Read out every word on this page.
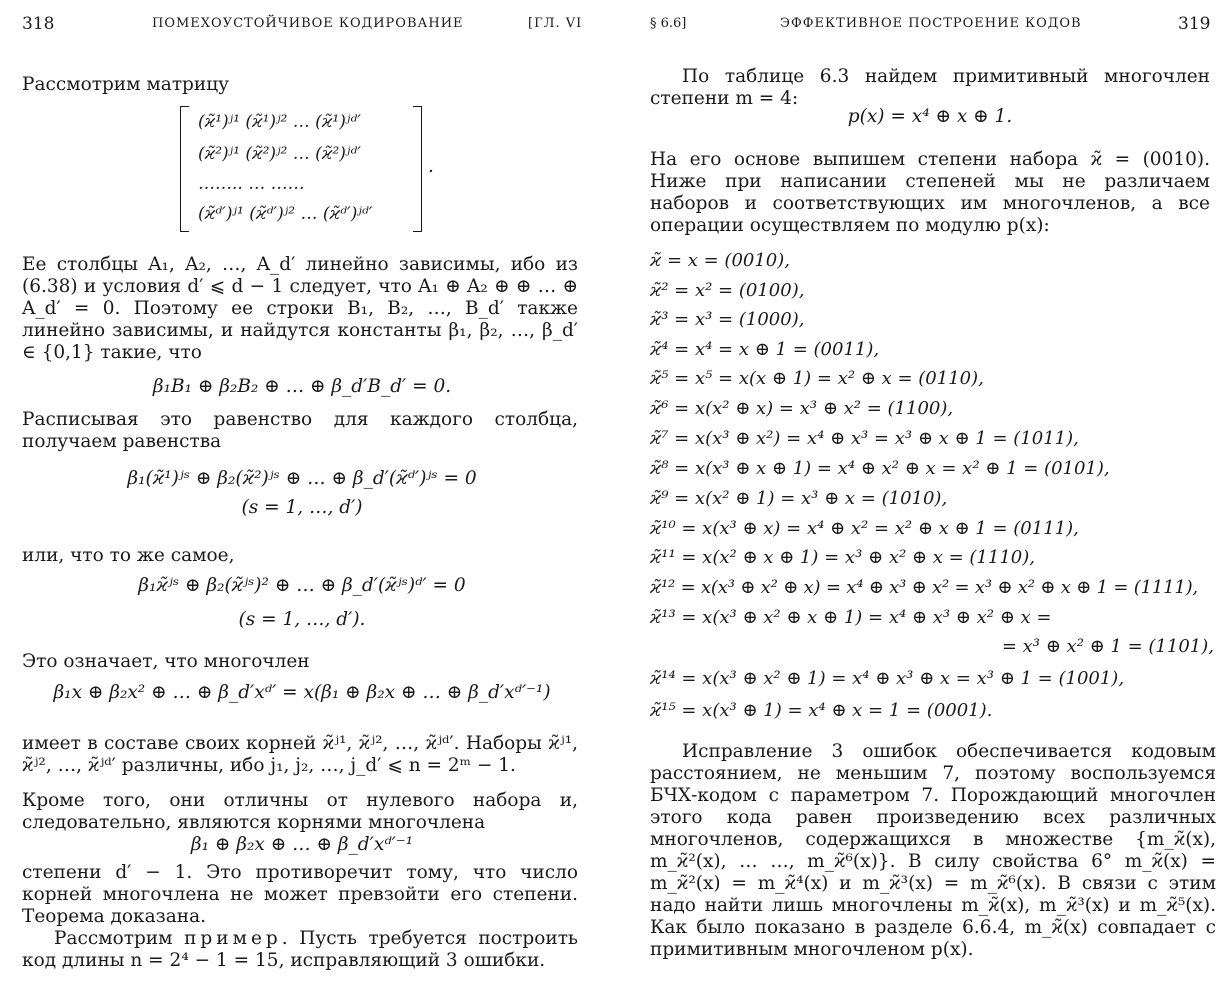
318	ПОМЕХОУСТОЙЧИВОЕ КОДИРОВАНИЕ	[ГЛ. VI
Рассмотрим матрицу
(ϰ̃¹)ʲ¹ (ϰ̃¹)ʲ² … (ϰ̃¹)ʲᵈ′
(ϰ̃²)ʲ¹ (ϰ̃²)ʲ² … (ϰ̃²)ʲᵈ′
…….. … ……
(ϰ̃ᵈ′)ʲ¹ (ϰ̃ᵈ′)ʲ² … (ϰ̃ᵈ′)ʲᵈ′
.
Ее столбцы A₁, A₂, …, A_d′ линейно зависимы, ибо из (6.38) и условия d′ ⩽ d − 1 следует, что A₁ ⊕ A₂ ⊕ ⊕ … ⊕ A_d′ = 0. Поэтому ее строки B₁, B₂, …, B_d′ также линейно зависимы, и найдутся константы β₁, β₂, …, β_d′ ∈ {0,1} такие, что
β₁B₁ ⊕ β₂B₂ ⊕ … ⊕ β_d′B_d′ = 0.
Расписывая это равенство для каждого столбца, получаем равенства
β₁(ϰ̃¹)ʲˢ ⊕ β₂(ϰ̃²)ʲˢ ⊕ … ⊕ β_d′(ϰ̃ᵈ′)ʲˢ = 0
(s = 1, …, d′)
или, что то же самое,
β₁ϰ̃ʲˢ ⊕ β₂(ϰ̃ʲˢ)² ⊕ … ⊕ β_d′(ϰ̃ʲˢ)ᵈ′ = 0
(s = 1, …, d′).
Это означает, что многочлен
β₁x ⊕ β₂x² ⊕ … ⊕ β_d′xᵈ′ = x(β₁ ⊕ β₂x ⊕ … ⊕ β_d′xᵈ′⁻¹)
имеет в составе своих корней ϰ̃ʲ¹, ϰ̃ʲ², …, ϰ̃ʲᵈ′. Наборы ϰ̃ʲ¹, ϰ̃ʲ², …, ϰ̃ʲᵈ′ различны, ибо j₁, j₂, …, j_d′ ⩽ n = 2ᵐ − 1.
Кроме того, они отличны от нулевого набора и, следовательно, являются корнями многочлена
β₁ ⊕ β₂x ⊕ … ⊕ β_d′xᵈ′⁻¹
степени d′ − 1. Это противоречит тому, что число корней многочлена не может превзойти его степени. Теорема доказана.
Рассмотрим пример. Пусть требуется построить код длины n = 2⁴ − 1 = 15, исправляющий 3 ошибки.
§ 6.6]	ЭФФЕКТИВНОЕ ПОСТРОЕНИЕ КОДОВ	319
По таблице 6.3 найдем примитивный многочлен степени m = 4:
p(x) = x⁴ ⊕ x ⊕ 1.
На его основе выпишем степени набора ϰ̃ = (0010). Ниже при написании степеней мы не различаем наборов и соответствующих им многочленов, а все операции осуществляем по модулю p(x):
ϰ̃ = x = (0010),
ϰ̃² = x² = (0100),
ϰ̃³ = x³ = (1000),
ϰ̃⁴ = x⁴ = x ⊕ 1 = (0011),
ϰ̃⁵ = x⁵ = x(x ⊕ 1) = x² ⊕ x = (0110),
ϰ̃⁶ = x(x² ⊕ x) = x³ ⊕ x² = (1100),
ϰ̃⁷ = x(x³ ⊕ x²) = x⁴ ⊕ x³ = x³ ⊕ x ⊕ 1 = (1011),
ϰ̃⁸ = x(x³ ⊕ x ⊕ 1) = x⁴ ⊕ x² ⊕ x = x² ⊕ 1 = (0101),
ϰ̃⁹ = x(x² ⊕ 1) = x³ ⊕ x = (1010),
ϰ̃¹⁰ = x(x³ ⊕ x) = x⁴ ⊕ x² = x² ⊕ x ⊕ 1 = (0111),
ϰ̃¹¹ = x(x² ⊕ x ⊕ 1) = x³ ⊕ x² ⊕ x = (1110),
ϰ̃¹² = x(x³ ⊕ x² ⊕ x) = x⁴ ⊕ x³ ⊕ x² = x³ ⊕ x² ⊕ x ⊕ 1 = (1111),
ϰ̃¹³ = x(x³ ⊕ x² ⊕ x ⊕ 1) = x⁴ ⊕ x³ ⊕ x² ⊕ x =
= x³ ⊕ x² ⊕ 1 = (1101),
ϰ̃¹⁴ = x(x³ ⊕ x² ⊕ 1) = x⁴ ⊕ x³ ⊕ x = x³ ⊕ 1 = (1001),
ϰ̃¹⁵ = x(x³ ⊕ 1) = x⁴ ⊕ x = 1 = (0001).
Исправление 3 ошибок обеспечивается кодовым расстоянием, не меньшим 7, поэтому воспользуемся БЧХ-кодом с параметром 7. Порождающий многочлен этого кода равен произведению всех различных многочленов, содержащихся в множестве {m_ϰ̃(x), m_ϰ̃²(x), … …, m_ϰ̃⁶(x)}. В силу свойства 6° m_ϰ̃(x) = m_ϰ̃²(x) = m_ϰ̃⁴(x) и m_ϰ̃³(x) = m_ϰ̃⁶(x). В связи с этим надо найти лишь многочлены m_ϰ̃(x), m_ϰ̃³(x) и m_ϰ̃⁵(x). Как было показано в разделе 6.6.4, m_ϰ̃(x) совпадает с примитивным многочленом p(x).
